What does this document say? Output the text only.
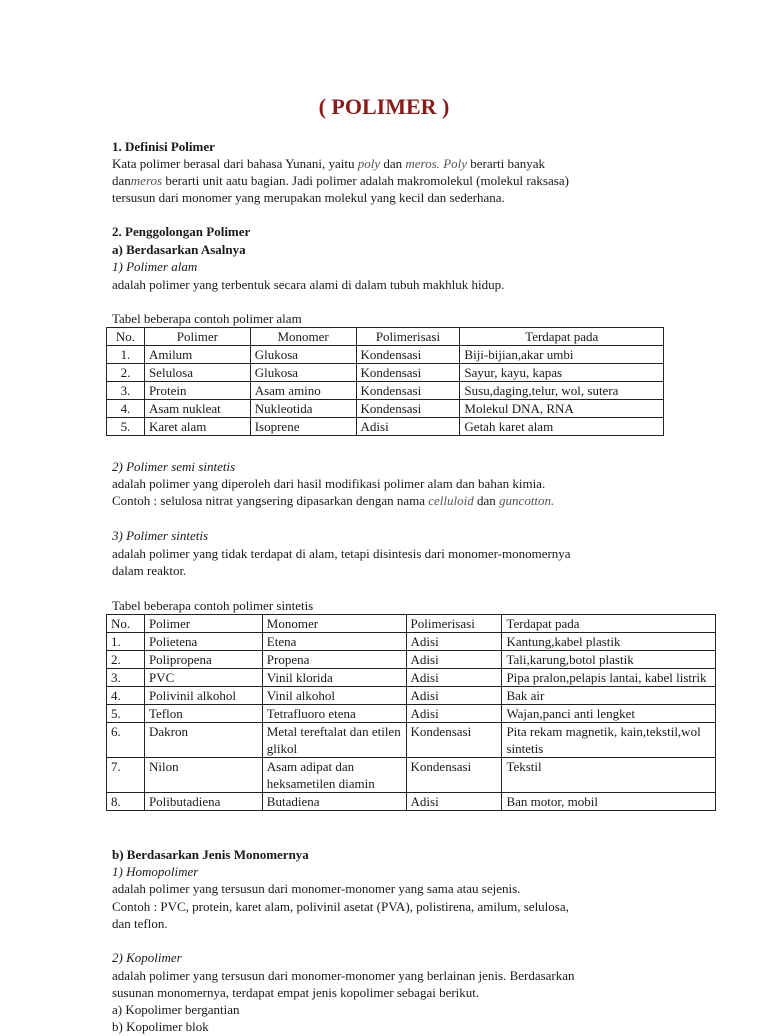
( POLIMER )
1. Definisi Polimer
Kata polimer berasal dari bahasa Yunani, yaitu poly dan meros. Poly berarti banyak
danmeros berarti unit aatu bagian. Jadi polimer adalah makromolekul (molekul raksasa)
tersusun dari monomer yang merupakan molekul yang kecil dan sederhana.
2. Penggolongan Polimer
a) Berdasarkan Asalnya
1) Polimer alam
adalah polimer yang terbentuk secara alami di dalam tubuh makhluk hidup.
Tabel beberapa contoh polimer alam
No.	Polimer	Monomer	Polimerisasi	Terdapat pada
1.	Amilum	Glukosa	Kondensasi	Biji-bijian,akar umbi
2.	Selulosa	Glukosa	Kondensasi	Sayur, kayu, kapas
3.	Protein	Asam amino	Kondensasi	Susu,daging,telur, wol, sutera
4.	Asam nukleat	Nukleotida	Kondensasi	Molekul DNA, RNA
5.	Karet alam	Isoprene	Adisi	Getah karet alam
2) Polimer semi sintetis
adalah polimer yang diperoleh dari hasil modifikasi polimer alam dan bahan kimia.
Contoh : selulosa nitrat yangsering dipasarkan dengan nama celluloid dan guncotton.
3) Polimer sintetis
adalah polimer yang tidak terdapat di alam, tetapi disintesis dari monomer-monomernya
dalam reaktor.
Tabel beberapa contoh polimer sintetis
No.	Polimer	Monomer	Polimerisasi	Terdapat pada
1.	Polietena	Etena	Adisi	Kantung,kabel plastik
2.	Polipropena	Propena	Adisi	Tali,karung,botol plastik
3.	PVC	Vinil klorida	Adisi	Pipa pralon,pelapis lantai, kabel listrik
4.	Polivinil alkohol	Vinil alkohol	Adisi	Bak air
5.	Teflon	Tetrafluoro etena	Adisi	Wajan,panci anti lengket
6.	Dakron	Metal tereftalat dan etilen glikol	Kondensasi	Pita rekam magnetik, kain,tekstil,wol sintetis
7.	Nilon	Asam adipat dan heksametilen diamin	Kondensasi	Tekstil
8.	Polibutadiena	Butadiena	Adisi	Ban motor, mobil
b) Berdasarkan Jenis Monomernya
1) Homopolimer
adalah polimer yang tersusun dari monomer-monomer yang sama atau sejenis.
Contoh : PVC, protein, karet alam, polivinil asetat (PVA), polistirena, amilum, selulosa,
dan teflon.
2) Kopolimer
adalah polimer yang tersusun dari monomer-monomer yang berlainan jenis. Berdasarkan
susunan monomernya, terdapat empat jenis kopolimer sebagai berikut.
a) Kopolimer bergantian
b) Kopolimer blok
